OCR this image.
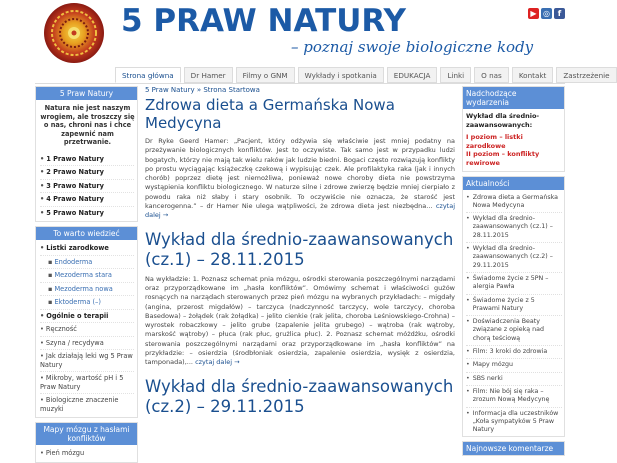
5 PRAW NATURY
– poznaj swoje biologiczne kody
▶ ◎ f
Strona główna	Dr Hamer	Filmy o GNM	Wykłady i spotkania	EDUKACJA	Linki	O nas	Kontakt	Zastrzeżenie
5 Praw Natury
Natura nie jest naszym wrogiem, ale troszczy się o nas, chroni nas i chce zapewnić nam przetrwanie.
• 1 Prawo Natury
• 2 Prawo Natury
• 3 Prawo Natury
• 4 Prawo Natury
• 5 Prawo Natury
To warto wiedzieć
• Listki zarodkowe
▪ Endoderma
▪ Mezoderma stara
▪ Mezoderma nowa
▪ Ektoderma (–)
• Ogólnie o terapii
• Ręczność
• Szyna / recydywa
• Jak działają leki wg 5 Praw Natury
• Mikroby, wartość pH i 5 Praw Natury
• Biologiczne znaczenie muzyki
Mapy mózgu z hasłami konfliktów
• Pień mózgu
5 Praw Natury » Strona Startowa
Zdrowa dieta a Germańska Nowa Medycyna

Dr Ryke Geerd Hamer: „Pacjent, który odżywia się właściwie jest mniej podatny na przeżywanie biologicznych konfliktów. Jest to oczywiste. Tak samo jest w przypadku ludzi bogatych, którzy nie mają tak wielu raków jak ludzie biedni. Bogaci często rozwiązują konflikty po prostu wyciągając książeczkę czekową i wypisując czek. Ale profilaktyka raka (jak i innych chorób) poprzez dietę jest niemożliwa, ponieważ nowe choroby dieta nie powstrzyma wystąpienia konfliktu biologicznego. W naturze silne i zdrowe zwierzę będzie mniej cierpiało z powodu raka niż słaby i stary osobnik. To oczywiście nie oznacza, że starość jest kancerogenna.” – dr Hamer Nie ulega wątpliwości, że zdrowa dieta jest niezbędna... czytaj dalej →

Wykład dla średnio-zaawansowanych (cz.1) – 28.11.2015

Na wykładzie: 1. Poznasz schemat pnia mózgu, ośrodki sterowania poszczególnymi narządami oraz przyporządkowane im „hasła konfliktów”. Omówimy schemat i właściwości gużów rosnących na narządach sterowanych przez pień mózgu na wybranych przykładach: – migdały (angina, przerost migdałów) – tarczyca (nadczynność tarczycy, wole tarczycy, choroba Basedowa) – żołądek (rak żołądka) – jelito cienkie (rak jelita, choroba Leśniowskiego-Crohna) – wyrostek robaczkowy – jelito grube (zapalenie jelita grubego) – wątroba (rak wątroby, marskość wątroby) – płuca (rak płuc, grużlica płuc). 2. Poznasz schemat móżdżku, ośrodki sterowania poszczególnymi narządami oraz przyporządkowane im „hasła konfliktów” na przykładzie: – osierdzia (środbłoniak osierdzia, zapalenie osierdzia, wysięk z osierdzia, tamponada),... czytaj dalej →

Wykład dla średnio-zaawansowanych (cz.2) – 29.11.2015
Nadchodzące wydarzenia
Wykład dla średnio-zaawansowanych:
I poziom – listki zarodkowe
II poziom – konflikty rewirowe
Aktualności
• Zdrowa dieta a Germańska Nowa Medycyna
• Wykład dla średnio-zaawansowanych (cz.1) – 28.11.2015
• Wykład dla średnio-zaawansowanych (cz.2) – 29.11.2015
• Świadome życie z 5PN – alergia Pawła
• Świadome życie z 5 Prawami Natury
• Doświadczenia Beaty związane z opieką nad chorą teściową
• Film: 3 kroki do zdrowia
• Mapy mózgu
• SBS nerki
• Film: Nie bój się raka – zrozum Nową Medycynę
• Informacja dla uczestników „Koła sympatyków 5 Praw Natury
Najnowsze komentarze
